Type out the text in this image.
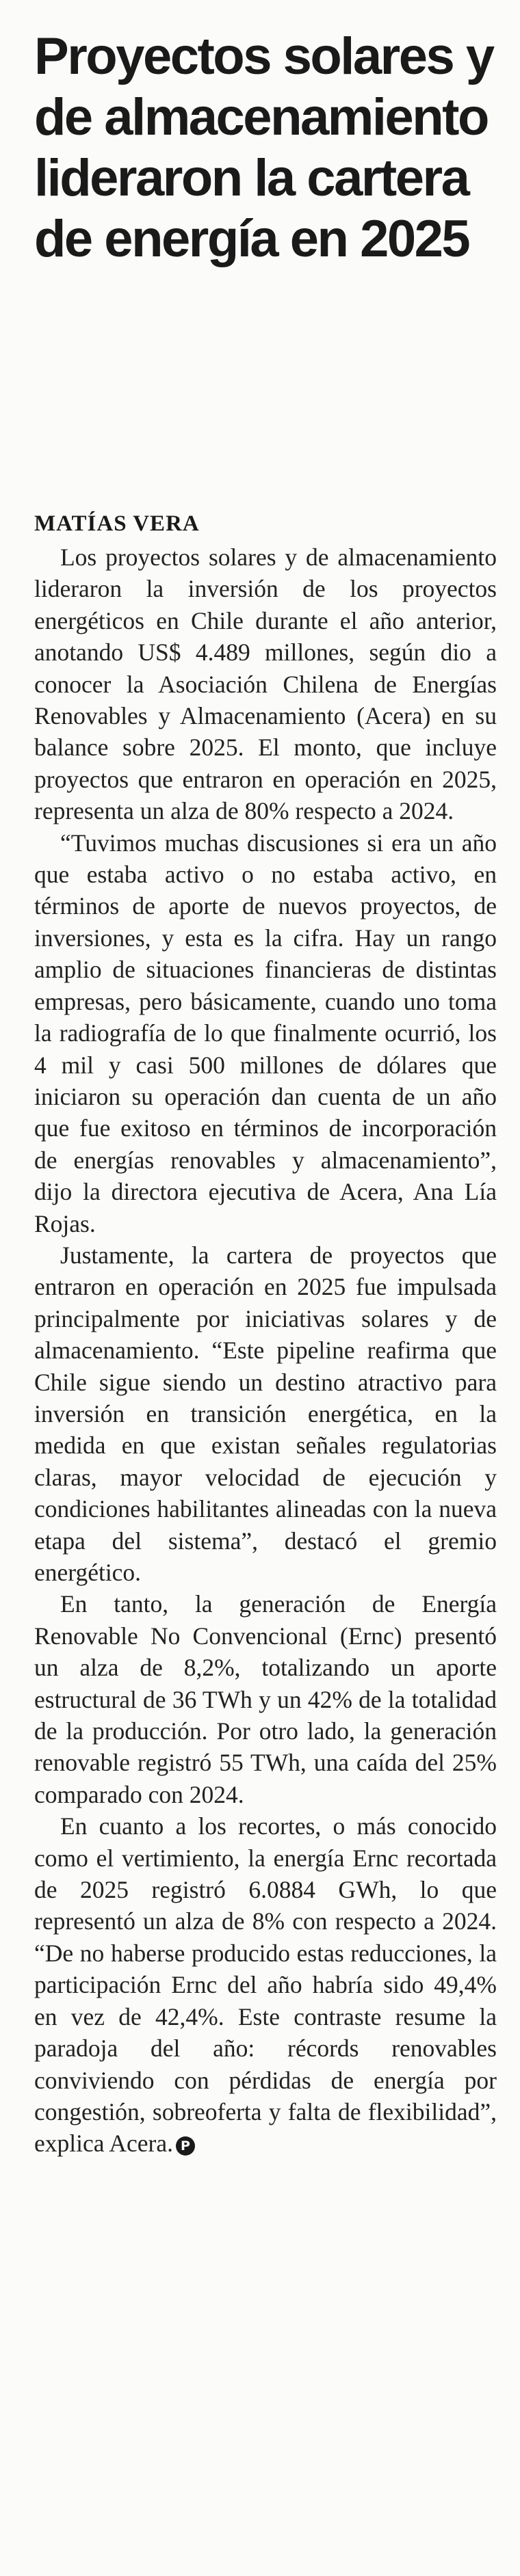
Proyectos solares y de almacenamiento lideraron la cartera de energía en 2025
MATÍAS VERA

Los proyectos solares y de almacenamiento lideraron la inversión de los proyectos energéticos en Chile durante el año anterior, anotando US$ 4.489 millones, según dio a conocer la Asociación Chilena de Energías Renovables y Almacenamiento (Acera) en su balance sobre 2025. El monto, que incluye proyectos que entraron en operación en 2025, representa un alza de 80% respecto a 2024.

“Tuvimos muchas discusiones si era un año que estaba activo o no estaba activo, en términos de aporte de nuevos proyectos, de inversiones, y esta es la cifra. Hay un rango amplio de situaciones financieras de distintas empresas, pero básicamente, cuando uno toma la radiografía de lo que finalmente ocurrió, los 4 mil y casi 500 millones de dólares que iniciaron su operación dan cuenta de un año que fue exitoso en términos de incorporación de energías renovables y almacenamiento”, dijo la directora ejecutiva de Acera, Ana Lía Rojas.

Justamente, la cartera de proyectos que entraron en operación en 2025 fue impulsada principalmente por iniciativas solares y de almacenamiento. “Este pipeline reafirma que Chile sigue siendo un destino atractivo para inversión en transición energética, en la medida en que existan señales regulatorias claras, mayor velocidad de ejecución y condiciones habilitantes alineadas con la nueva etapa del sistema”, destacó el gremio energético.

En tanto, la generación de Energía Renovable No Convencional (Ernc) presentó un alza de 8,2%, totalizando un aporte estructural de 36 TWh y un 42% de la totalidad de la producción. Por otro lado, la generación renovable registró 55 TWh, una caída del 25% comparado con 2024.

En cuanto a los recortes, o más conocido como el vertimiento, la energía Ernc recortada de 2025 registró 6.0884 GWh, lo que representó un alza de 8% con respecto a 2024. “De no haberse producido estas reducciones, la participación Ernc del año habría sido 49,4% en vez de 42,4%. Este contraste resume la paradoja del año: récords renovables conviviendo con pérdidas de energía por congestión, sobreoferta y falta de flexibilidad”, explica Acera. P
